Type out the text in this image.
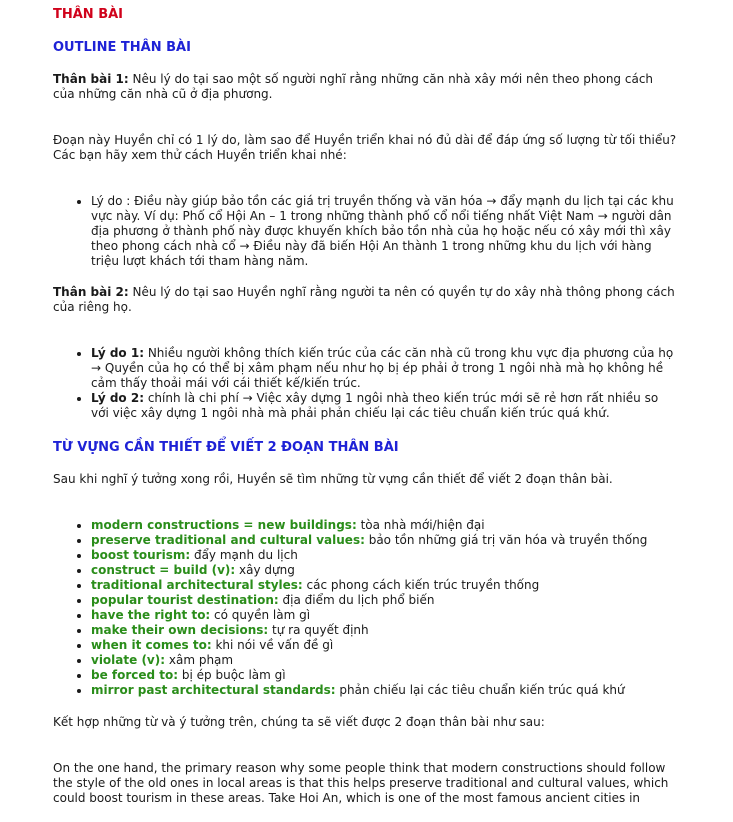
THÂN BÀI
OUTLINE THÂN BÀI

Thân bài 1: Nêu lý do tại sao một số người nghĩ rằng những căn nhà xây mới nên theo phong cách của những căn nhà cũ ở địa phương.

Đoạn này Huyền chỉ có 1 lý do, làm sao để Huyền triển khai nó đủ dài để đáp ứng số lượng từ tối thiểu? Các bạn hãy xem thử cách Huyền triển khai nhé:

• Lý do : Điều này giúp bảo tồn các giá trị truyền thống và văn hóa → đẩy mạnh du lịch tại các khu vực này. Ví dụ: Phố cổ Hội An – 1 trong những thành phố cổ nổi tiếng nhất Việt Nam → người dân địa phương ở thành phố này được khuyến khích bảo tồn nhà của họ hoặc nếu có xây mới thì xây theo phong cách nhà cổ → Điều này đã biến Hội An thành 1 trong những khu du lịch với hàng triệu lượt khách tới tham hàng năm.

Thân bài 2: Nêu lý do tại sao Huyền nghĩ rằng người ta nên có quyền tự do xây nhà thông phong cách của riêng họ.

• Lý do 1: Nhiều người không thích kiến trúc của các căn nhà cũ trong khu vực địa phương của họ → Quyền của họ có thể bị xâm phạm nếu như họ bị ép phải ở trong 1 ngôi nhà mà họ không hề cảm thấy thoải mái với cái thiết kế/kiến trúc.
• Lý do 2: chính là chi phí → Việc xây dựng 1 ngôi nhà theo kiến trúc mới sẽ rẻ hơn rất nhiều so với việc xây dựng 1 ngôi nhà mà phải phản chiếu lại các tiêu chuẩn kiến trúc quá khứ.
TỪ VỰNG CẦN THIẾT ĐỂ VIẾT 2 ĐOẠN THÂN BÀI

Sau khi nghĩ ý tưởng xong rồi, Huyền sẽ tìm những từ vựng cần thiết để viết 2 đoạn thân bài.

• modern constructions = new buildings: tòa nhà mới/hiện đại
• preserve traditional and cultural values: bảo tồn những giá trị văn hóa và truyền thống
• boost tourism: đẩy mạnh du lịch
• construct = build (v): xây dựng
• traditional architectural styles: các phong cách kiến trúc truyền thống
• popular tourist destination: địa điểm du lịch phổ biến
• have the right to: có quyền làm gì
• make their own decisions: tự ra quyết định
• when it comes to: khi nói về vấn đề gì
• violate (v): xâm phạm
• be forced to: bị ép buộc làm gì
• mirror past architectural standards: phản chiếu lại các tiêu chuẩn kiến trúc quá khứ

Kết hợp những từ và ý tưởng trên, chúng ta sẽ viết được 2 đoạn thân bài như sau:

On the one hand, the primary reason why some people think that modern constructions should follow the style of the old ones in local areas is that this helps preserve traditional and cultural values, which could boost tourism in these areas. Take Hoi An, which is one of the most famous ancient cities in
